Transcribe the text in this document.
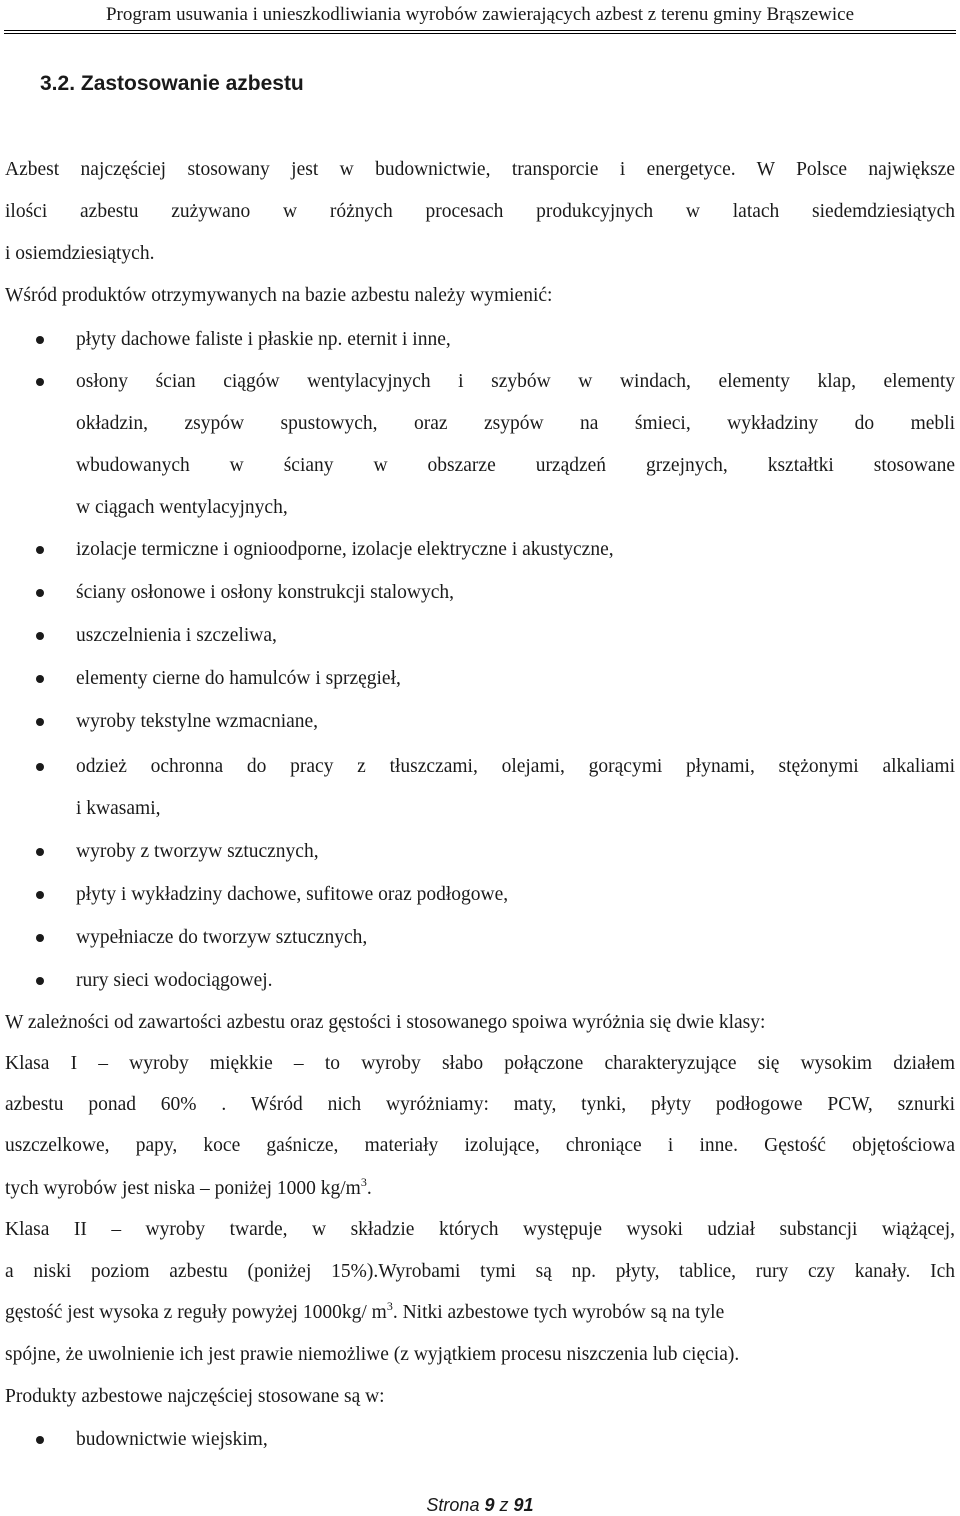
Program usuwania i unieszkodliwiania wyrobów zawierających azbest z terenu gminy Brąszewice
3.2. Zastosowanie azbestu
Azbest najczęściej stosowany jest w budownictwie, transporcie i energetyce. W Polsce największe
ilości azbestu zużywano w różnych procesach produkcyjnych w latach siedemdziesiątych
i osiemdziesiątych.
Wśród produktów otrzymywanych na bazie azbestu należy wymienić:
płyty dachowe faliste i płaskie np. eternit i inne,
osłony ścian ciągów wentylacyjnych i szybów w windach, elementy klap, elementy
okładzin, zsypów spustowych, oraz zsypów na śmieci, wykładziny do mebli
wbudowanych w ściany w obszarze urządzeń grzejnych, kształtki stosowane
w ciągach wentylacyjnych,
izolacje termiczne i ognioodporne, izolacje elektryczne i akustyczne,
ściany osłonowe i osłony konstrukcji stalowych,
uszczelnienia i szczeliwa,
elementy cierne do hamulców i sprzęgieł,
wyroby tekstylne wzmacniane,
odzież ochronna do pracy z tłuszczami, olejami, gorącymi płynami, stężonymi alkaliami
i kwasami,
wyroby z tworzyw sztucznych,
płyty i wykładziny dachowe, sufitowe oraz podłogowe,
wypełniacze do tworzyw sztucznych,
rury sieci wodociągowej.
W zależności od zawartości azbestu oraz gęstości i stosowanego spoiwa wyróżnia się dwie klasy:
Klasa I – wyroby miękkie – to wyroby słabo połączone charakteryzujące się wysokim działem
azbestu ponad 60% . Wśród nich wyróżniamy: maty, tynki, płyty podłogowe PCW, sznurki
uszczelkowe, papy, koce gaśnicze, materiały izolujące, chroniące i inne. Gęstość objętościowa
tych wyrobów jest niska – poniżej 1000 $kg/m^3$.
Klasa II – wyroby twarde, w składzie których występuje wysoki udział substancji wiążącej,
a niski poziom azbestu (poniżej 15%).Wyrobami tymi są np. płyty, tablice, rury czy kanały. Ich
gęstość jest wysoka z reguły powyżej 1000kg/ $m^3$. Nitki azbestowe tych wyrobów są na tyle
spójne, że uwolnienie ich jest prawie niemożliwe (z wyjątkiem procesu niszczenia lub cięcia).
Produkty azbestowe najczęściej stosowane są w:
budownictwie wiejskim,
Strona 9 z 91
